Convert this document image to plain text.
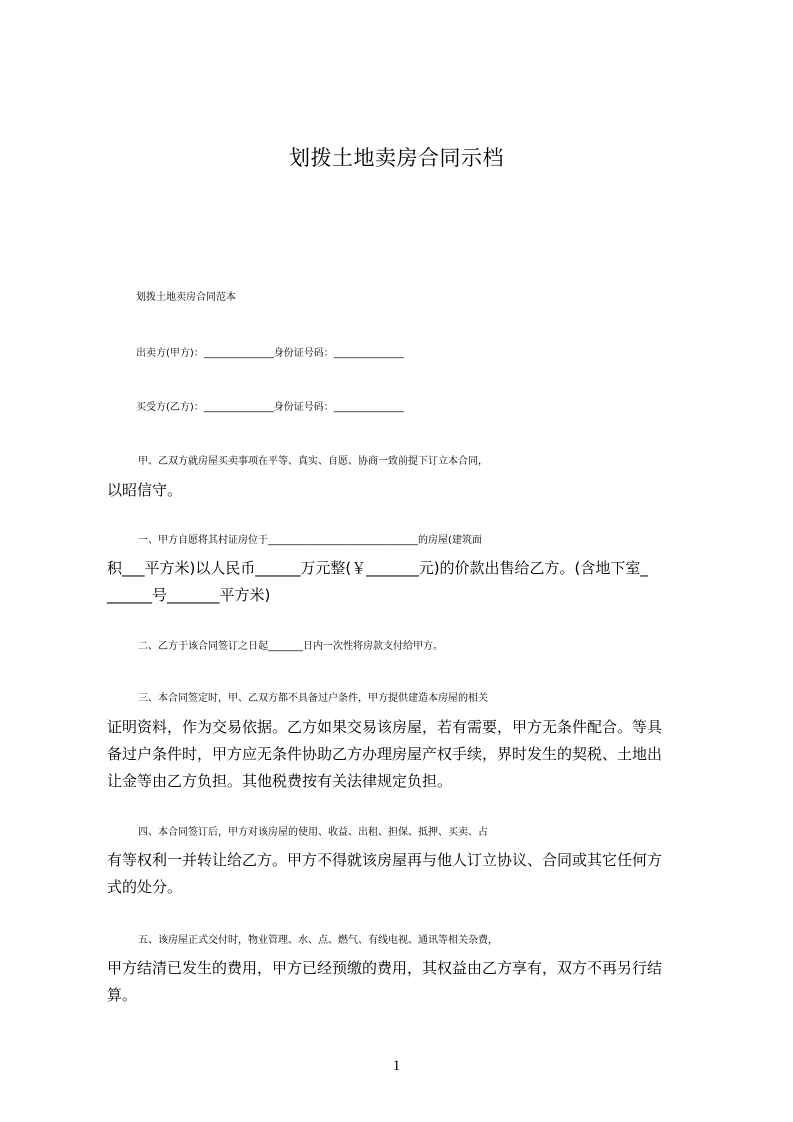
划拨土地卖房合同示档
划拨土地卖房合同范本
出卖方(甲方)：______________身份证号码：______________
买受方(乙方)：______________身份证号码：______________
甲、乙双方就房屋买卖事项在平等、真实、自愿、协商一致前提下订立本合同，
以昭信守。
一、甲方自愿将其村证房位于______________________________的房屋(建筑面
积___平方米)以人民币______万元整(￥_______元)的价款出售给乙方。(含地下室_
______号_______平方米)
二、乙方于该合同签订之日起_______日内一次性将房款支付给甲方。
三、本合同签定时，甲、乙双方都不具备过户条件，甲方提供建造本房屋的相关
证明资料，作为交易依据。乙方如果交易该房屋，若有需要，甲方无条件配合。等具
备过户条件时，甲方应无条件协助乙方办理房屋产权手续，界时发生的契税、土地出
让金等由乙方负担。其他税费按有关法律规定负担。
四、本合同签订后，甲方对该房屋的使用、收益、出租、担保、抵押、买卖、占
有等权利一并转让给乙方。甲方不得就该房屋再与他人订立协议、合同或其它任何方
式的处分。
五、该房屋正式交付时，物业管理、水、点、燃气、有线电视、通讯等相关杂费，
甲方结清已发生的费用，甲方已经预缴的费用，其权益由乙方享有，双方不再另行结
算。
1
